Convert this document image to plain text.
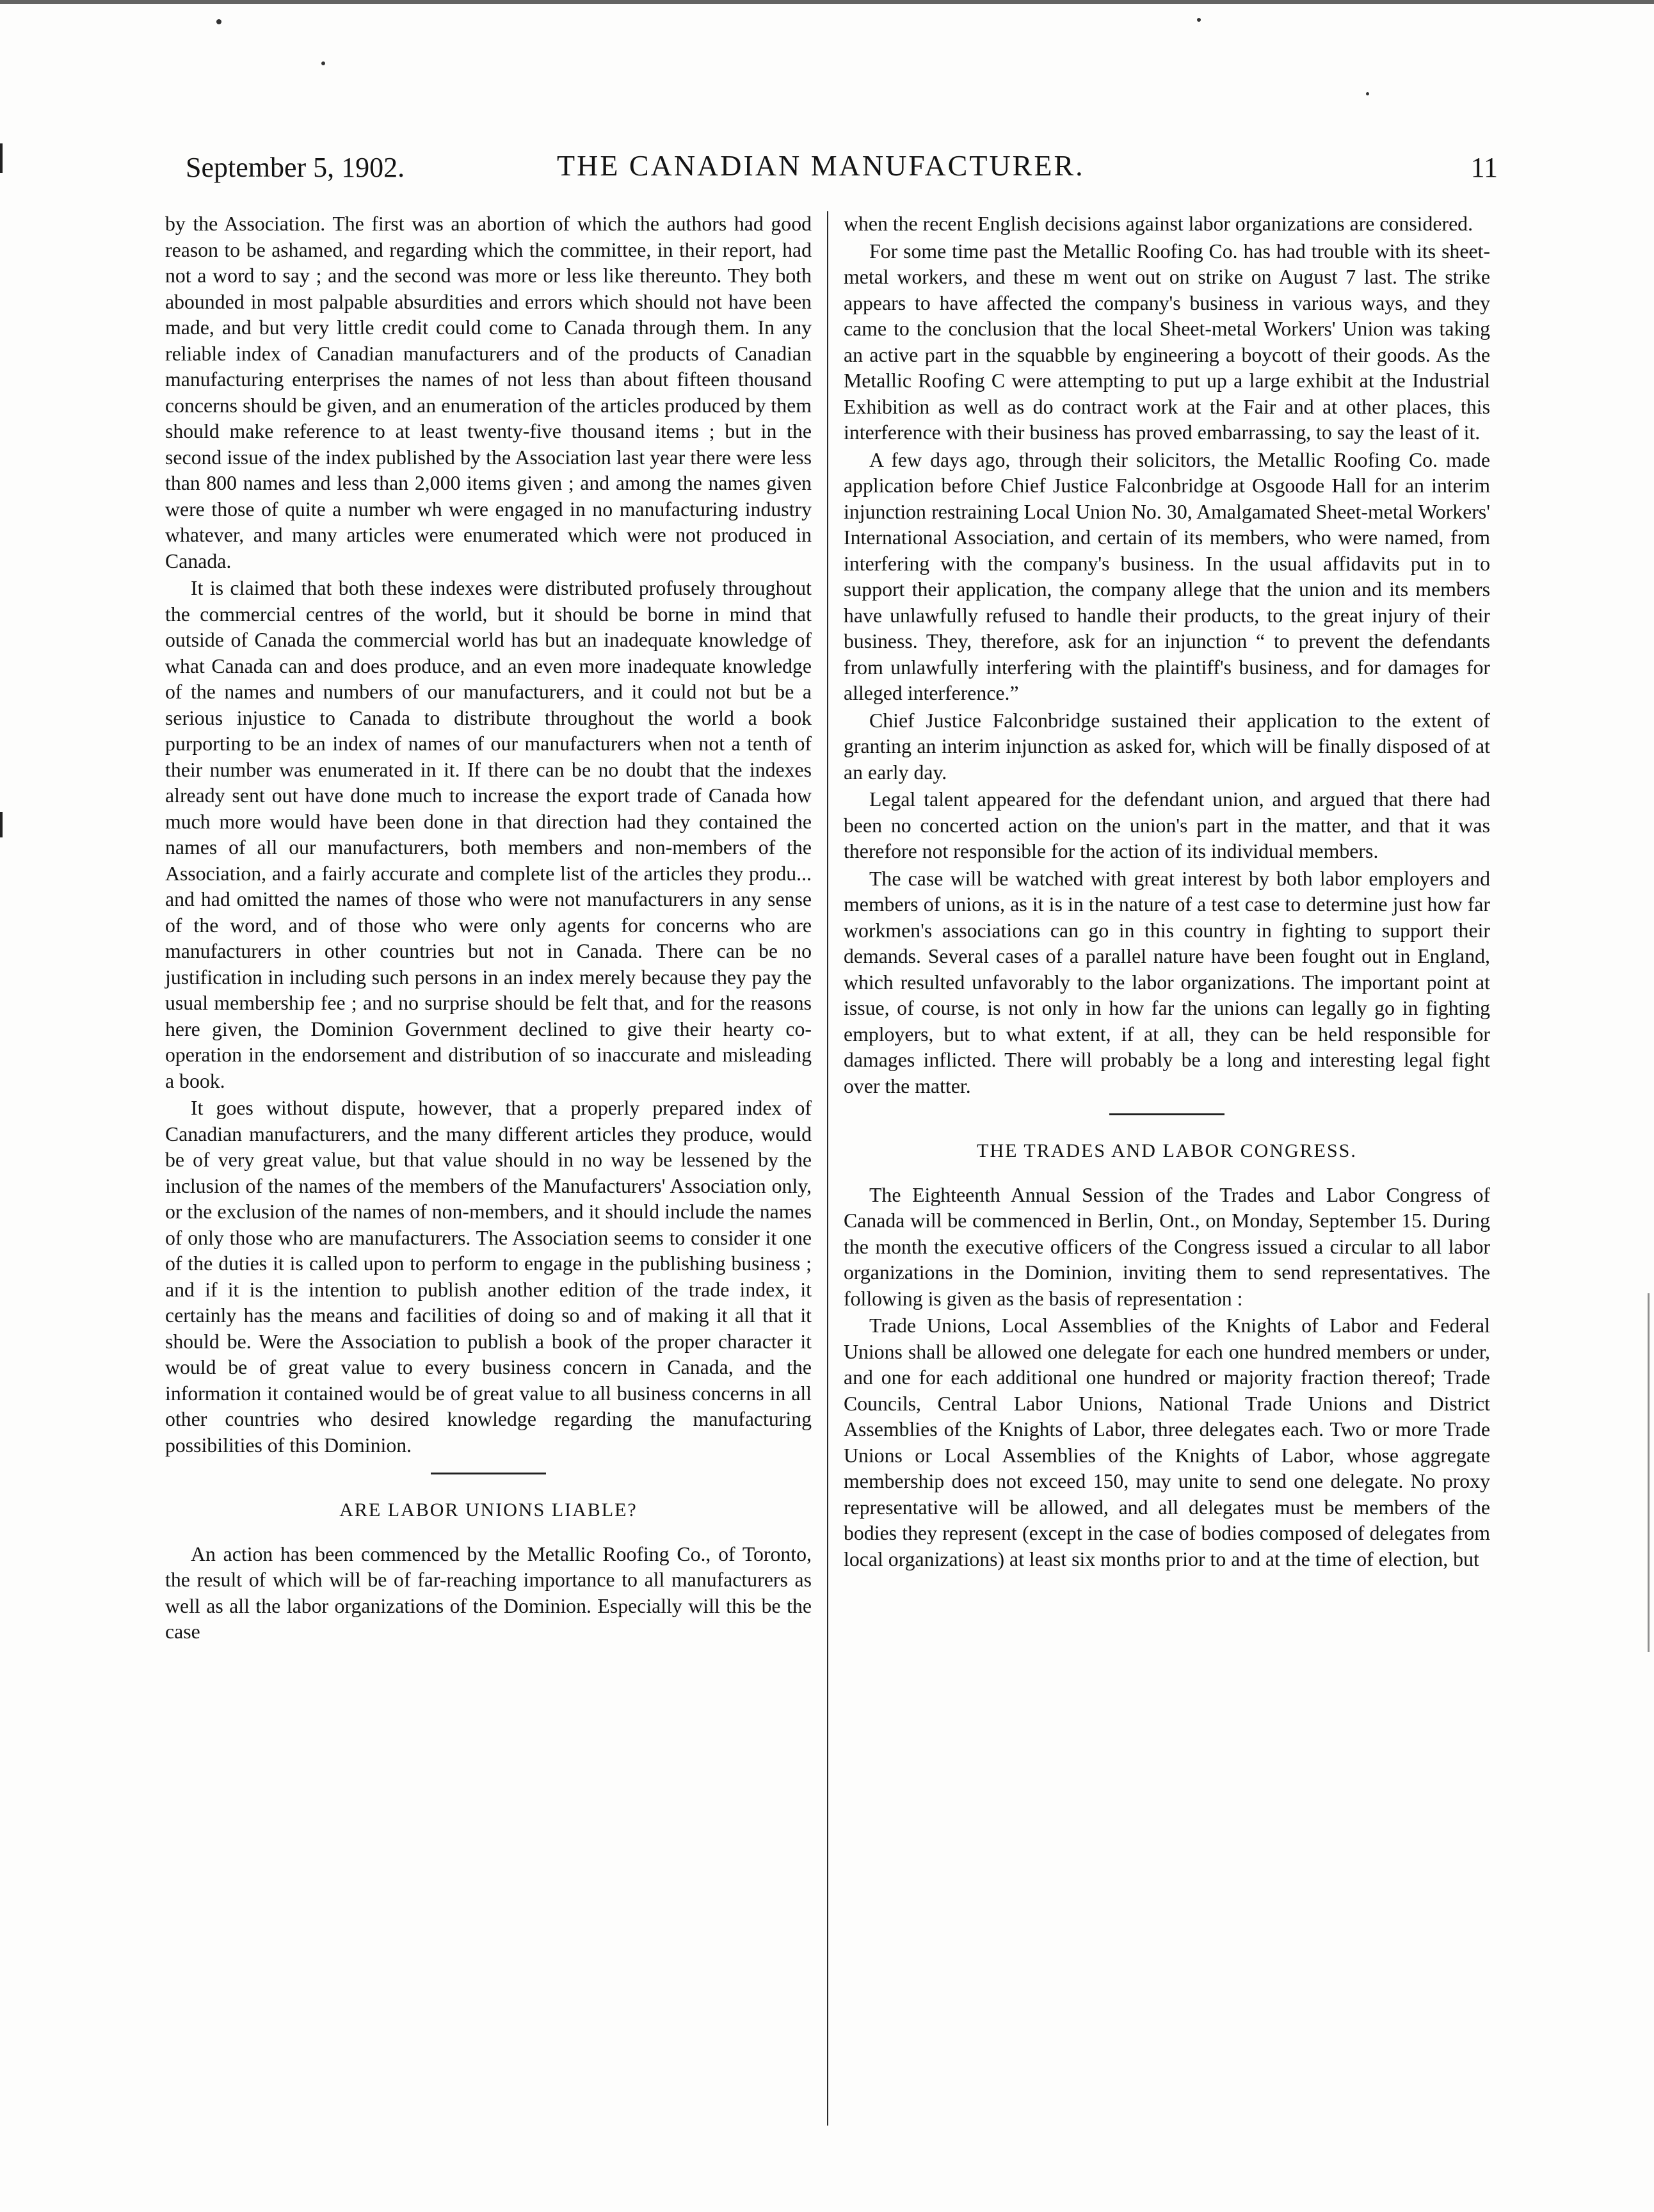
September 5, 1902.	THE CANADIAN MANUFACTURER.	11

by the Association. The first was an abortion of which the authors had good reason to be ashamed, and regarding which the committee, in their report, had not a word to say ; and the second was more or less like thereunto. They both abounded in most palpable absurdities and errors which should not have been made, and but very little credit could come to Canada through them. In any reliable index of Canadian manufacturers and of the products of Canadian manufacturing enterprises the names of not less than about fifteen thousand concerns should be given, and an enumeration of the articles produced by them should make reference to at least twenty-five thousand items ; but in the second issue of the index published by the Association last year there were less than 800 names and less than 2,000 items given ; and among the names given were those of quite a number wh were engaged in no manufacturing industry whatever, and many articles were enumerated which were not produced in Canada.

It is claimed that both these indexes were distributed profusely throughout the commercial centres of the world, but it should be borne in mind that outside of Canada the commercial world has but an inadequate knowledge of what Canada can and does produce, and an even more inadequate knowledge of the names and numbers of our manufacturers, and it could not but be a serious injustice to Canada to distribute throughout the world a book purporting to be an index of names of our manufacturers when not a tenth of their number was enumerated in it. If there can be no doubt that the indexes already sent out have done much to increase the export trade of Canada how much more would have been done in that direction had they contained the names of all our manufacturers, both members and non-members of the Association, and a fairly accurate and complete list of the articles they produ... and had omitted the names of those who were not manufacturers in any sense of the word, and of those who were only agents for concerns who are manufacturers in other countries but not in Canada. There can be no justification in including such persons in an index merely because they pay the usual membership fee ; and no surprise should be felt that, and for the reasons here given, the Dominion Government declined to give their hearty co-operation in the endorsement and distribution of so inaccurate and misleading a book.

It goes without dispute, however, that a properly prepared index of Canadian manufacturers, and the many different articles they produce, would be of very great value, but that value should in no way be lessened by the inclusion of the names of the members of the Manufacturers' Association only, or the exclusion of the names of non-members, and it should include the names of only those who are manufacturers. The Association seems to consider it one of the duties it is called upon to perform to engage in the publishing business ; and if it is the intention to publish another edition of the trade index, it certainly has the means and facilities of doing so and of making it all that it should be. Were the Association to publish a book of the proper character it would be of great value to every business concern in Canada, and the information it contained would be of great value to all business concerns in all other countries who desired knowledge regarding the manufacturing possibilities of this Dominion.

ARE LABOR UNIONS LIABLE?

An action has been commenced by the Metallic Roofing Co., of Toronto, the result of which will be of far-reaching importance to all manufacturers as well as all the labor organizations of the Dominion. Especially will this be the case

when the recent English decisions against labor organizations are considered.

For some time past the Metallic Roofing Co. has had trouble with its sheet-metal workers, and these m went out on strike on August 7 last. The strike appears to have affected the company's business in various ways, and they came to the conclusion that the local Sheet-metal Workers' Union was taking an active part in the squabble by engineering a boycott of their goods. As the Metallic Roofing C were attempting to put up a large exhibit at the Industrial Exhibition as well as do contract work at the Fair and at other places, this interference with their business has proved embarrassing, to say the least of it.

A few days ago, through their solicitors, the Metallic Roofing Co. made application before Chief Justice Falconbridge at Osgoode Hall for an interim injunction restraining Local Union No. 30, Amalgamated Sheet-metal Workers' International Association, and certain of its members, who were named, from interfering with the company's business. In the usual affidavits put in to support their application, the company allege that the union and its members have unlawfully refused to handle their products, to the great injury of their business. They, therefore, ask for an injunction “ to prevent the defendants from unlawfully interfering with the plaintiff's business, and for damages for alleged interference.”

Chief Justice Falconbridge sustained their application to the extent of granting an interim injunction as asked for, which will be finally disposed of at an early day.

Legal talent appeared for the defendant union, and argued that there had been no concerted action on the union's part in the matter, and that it was therefore not responsible for the action of its individual members.

The case will be watched with great interest by both labor employers and members of unions, as it is in the nature of a test case to determine just how far workmen's associations can go in this country in fighting to support their demands. Several cases of a parallel nature have been fought out in England, which resulted unfavorably to the labor organizations. The important point at issue, of course, is not only in how far the unions can legally go in fighting employers, but to what extent, if at all, they can be held responsible for damages inflicted. There will probably be a long and interesting legal fight over the matter.

THE TRADES AND LABOR CONGRESS.

The Eighteenth Annual Session of the Trades and Labor Congress of Canada will be commenced in Berlin, Ont., on Monday, September 15. During the month the executive officers of the Congress issued a circular to all labor organizations in the Dominion, inviting them to send representatives. The following is given as the basis of representation :

Trade Unions, Local Assemblies of the Knights of Labor and Federal Unions shall be allowed one delegate for each one hundred members or under, and one for each additional one hundred or majority fraction thereof; Trade Councils, Central Labor Unions, National Trade Unions and District Assemblies of the Knights of Labor, three delegates each. Two or more Trade Unions or Local Assemblies of the Knights of Labor, whose aggregate membership does not exceed 150, may unite to send one delegate. No proxy representative will be allowed, and all delegates must be members of the bodies they represent (except in the case of bodies composed of delegates from local organizations) at least six months prior to and at the time of election, but
